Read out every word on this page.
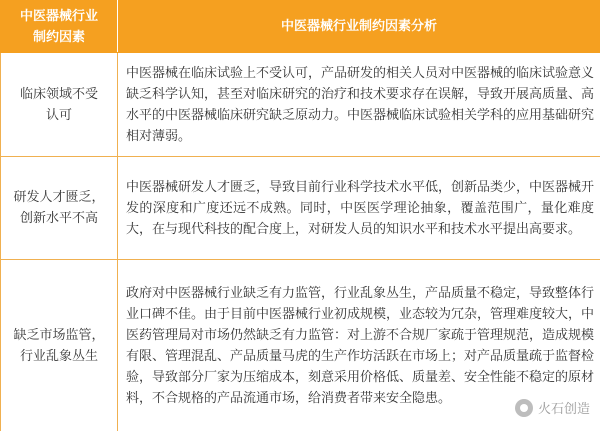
中医器械行业
制约因素	中医器械行业制约因素分析
临床领域不受
认可	中医器械在临床试验上不受认可，产品研发的相关人员对中医器械的临床试验意义缺乏科学认知，甚至对临床研究的治疗和技术要求存在误解，导致开展高质量、高水平的中医器械临床研究缺乏原动力。中医器械临床试验相关学科的应用基础研究相对薄弱。
研发人才匮乏，
创新水平不高	中医器械研发人才匮乏，导致目前行业科学技术水平低，创新品类少，中医器械开发的深度和广度还远不成熟。同时，中医医学理论抽象，覆盖范围广，量化难度大，在与现代科技的配合度上，对研发人员的知识水平和技术水平提出高要求。
缺乏市场监管，
行业乱象丛生	政府对中医器械行业缺乏有力监管，行业乱象丛生，产品质量不稳定，导致整体行业口碑不佳。由于目前中医器械行业初成规模，业态较为冗杂，管理难度较大，中医药管理局对市场仍然缺乏有力监管：对上游不合规厂家疏于管理规范，造成规模有限、管理混乱、产品质量马虎的生产作坊活跃在市场上；对产品质量疏于监督检验，导致部分厂家为压缩成本，刻意采用价格低、质量差、安全性能不稳定的原材料，不合规格的产品流通市场，给消费者带来安全隐患。
火石创造
